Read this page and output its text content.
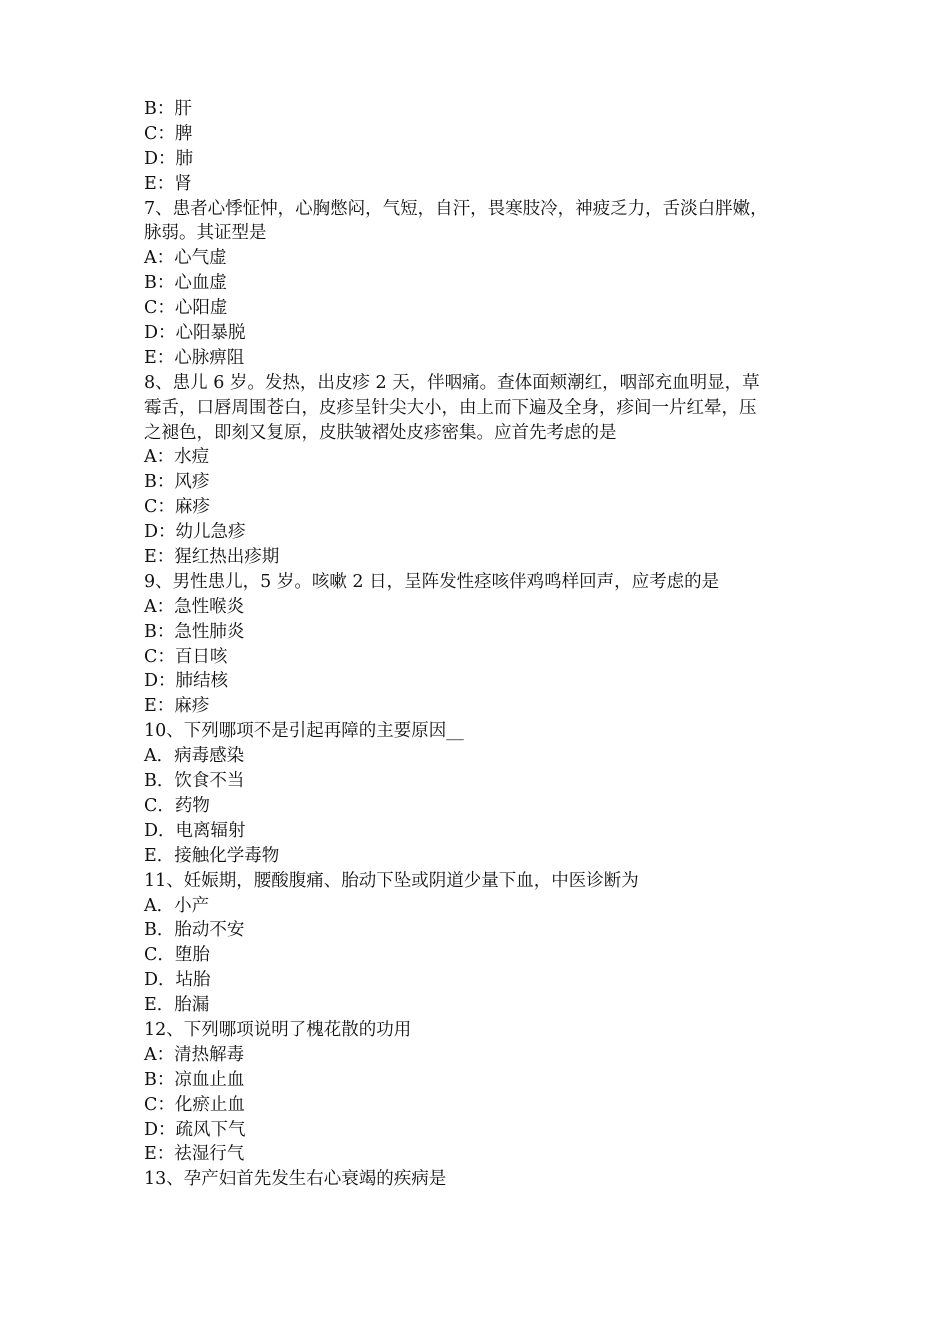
B：肝
C：脾
D：肺
E：肾
7、患者心悸怔忡，心胸憋闷，气短，自汗，畏寒肢冷，神疲乏力，舌淡白胖嫩，
脉弱。其证型是
A：心气虚
B：心血虚
C：心阳虚
D：心阳暴脱
E：心脉痹阻
8、患儿 6 岁。发热，出皮疹 2 天，伴咽痛。查体面颊潮红，咽部充血明显，草
霉舌，口唇周围苍白，皮疹呈针尖大小，由上而下遍及全身，疹间一片红晕，压
之褪色，即刻又复原，皮肤皱褶处皮疹密集。应首先考虑的是
A：水痘
B：风疹
C：麻疹
D：幼儿急疹
E：猩红热出疹期
9、男性患儿，5 岁。咳嗽 2 日，呈阵发性痉咳伴鸡鸣样回声，应考虑的是
A：急性喉炎
B：急性肺炎
C：百日咳
D：肺结核
E：麻疹
10、下列哪项不是引起再障的主要原因__
A．病毒感染
B．饮食不当
C．药物
D．电离辐射
E．接触化学毒物
11、妊娠期，腰酸腹痛、胎动下坠或阴道少量下血，中医诊断为
A．小产
B．胎动不安
C．堕胎
D．坫胎
E．胎漏
12、下列哪项说明了槐花散的功用
A：清热解毒
B：凉血止血
C：化瘀止血
D：疏风下气
E：祛湿行气
13、孕产妇首先发生右心衰竭的疾病是
